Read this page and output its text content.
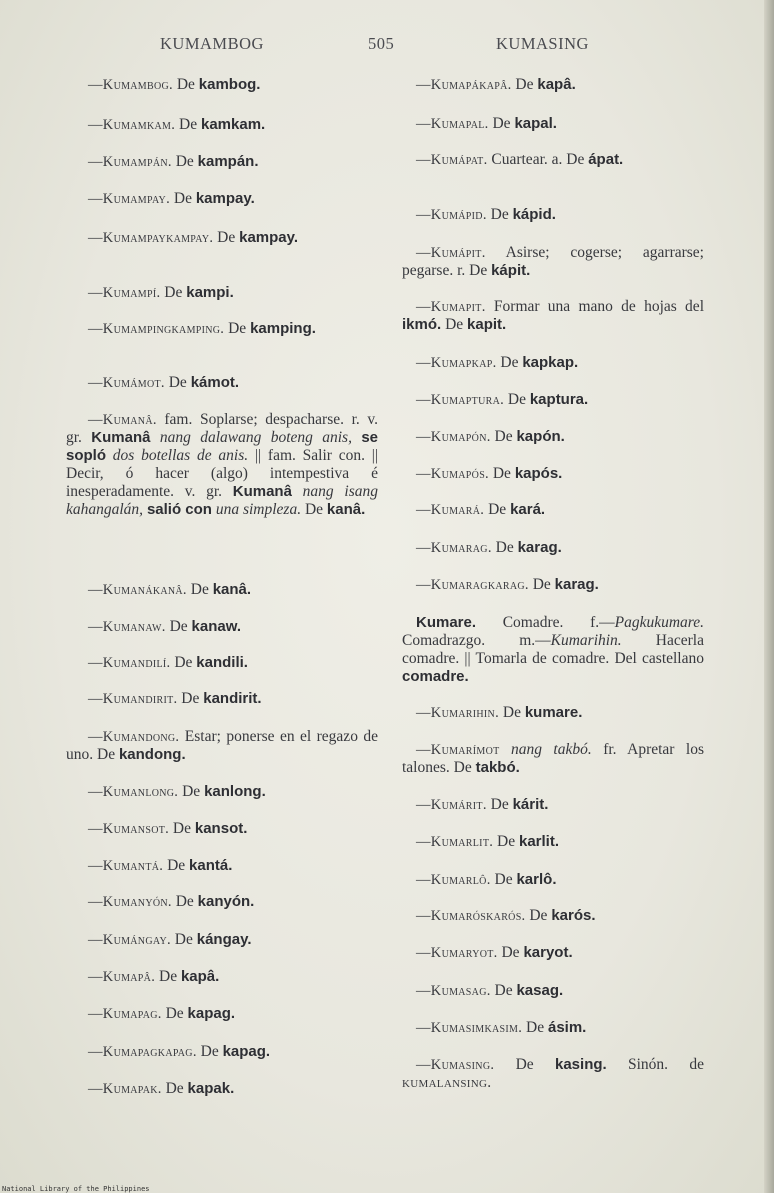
KUMAMBOG	505	KUMASING

—Kumambog. De kambog.

—Kumamkam. De kamkam.

—Kumampán. De kampán.

—Kumampay. De kampay.

—Kumampaykampay. De kampay.

—Kumampí. De kampi.

—Kumampingkamping. De kamping.

—Kumámot. De kámot.

—Kumanâ. fam. Soplarse; despacharse. r. v. gr. Kumanâ nang dalawang boteng anis, se sopló dos botellas de anis. || fam. Salir con. || Decir, ó hacer (algo) intempestiva é inesperadamente. v. gr. Kumanâ nang isang kahangalán, salió con una simpleza. De kanâ.

—Kumanákanâ. De kanâ.

—Kumanaw. De kanaw.

—Kumandilí. De kandili.

—Kumandirit. De kandirit.

—Kumandong. Estar; ponerse en el regazo de uno. De kandong.

—Kumanlong. De kanlong.

—Kumansot. De kansot.

—Kumantá. De kantá.

—Kumanyón. De kanyón.

—Kumángay. De kángay.

—Kumapâ. De kapâ.

—Kumapag. De kapag.

—Kumapagkapag. De kapag.

—Kumapak. De kapak.

—Kumapákapâ. De kapâ.

—Kumapal. De kapal.

—Kumápat. Cuartear. a. De ápat.

—Kumápid. De kápid.

—Kumápit. Asirse; cogerse; agarrarse; pegarse. r. De kápit.

—Kumapit. Formar una mano de hojas del ikmó. De kapit.

—Kumapkap. De kapkap.

—Kumaptura. De kaptura.

—Kumapón. De kapón.

—Kumapós. De kapós.

—Kumará. De kará.

—Kumarag. De karag.

—Kumaragkarag. De karag.

Kumare. Comadre. f.—Pagkukumare. Comadrazgo. m.—Kumarihin. Hacerla comadre. || Tomarla de comadre. Del castellano comadre.

—Kumarihin. De kumare.

—Kumarímot nang takbó. fr. Apretar los talones. De takbó.

—Kumárit. De kárit.

—Kumarlit. De karlit.

—Kumarlô. De karlô.

—Kumaróskarós. De karós.

—Kumaryot. De karyot.

—Kumasag. De kasag.

—Kumasimkasim. De ásim.

—Kumasing. De kasing. Sinón. de kumalansing.

National Library of the Philippines
